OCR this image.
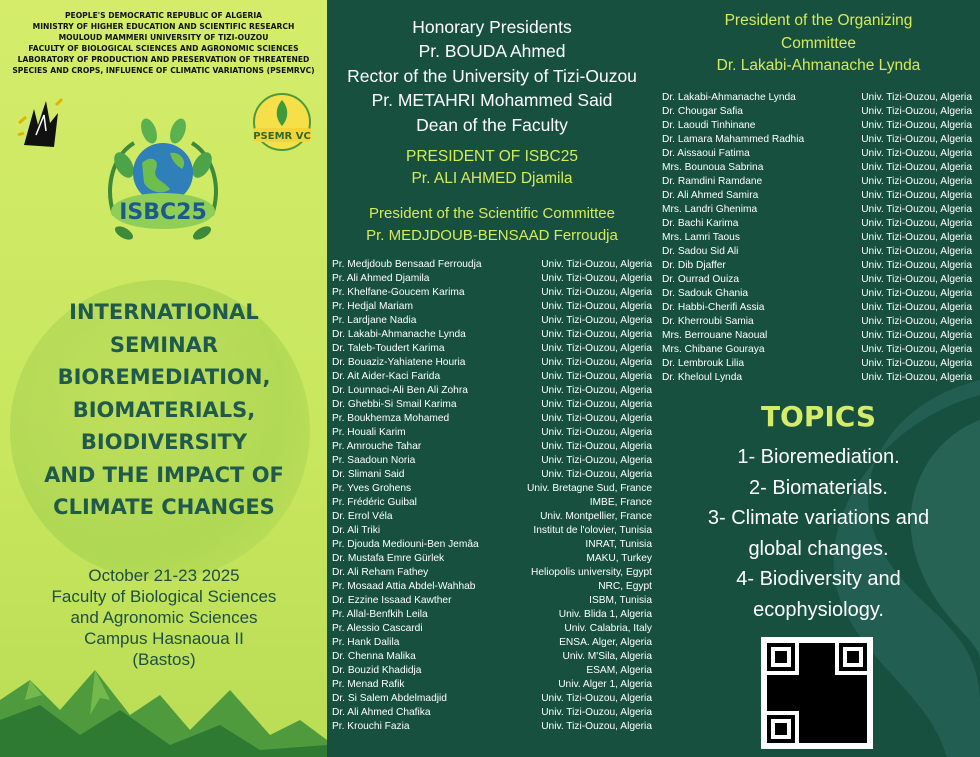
PEOPLE'S DEMOCRATIC REPUBLIC OF ALGERIA
MINISTRY OF HIGHER EDUCATION AND SCIENTIFIC RESEARCH
MOULOUD MAMMERI UNIVERSITY OF TIZI-OUZOU
FACULTY OF BIOLOGICAL SCIENCES AND AGRONOMIC SCIENCES
LABORATORY OF PRODUCTION AND PRESERVATION OF THREATENED
SPECIES AND CROPS, INFLUENCE OF CLIMATIC VARIATIONS (PSEMRVC)
PSEMR VC
ISBC25
INTERNATIONAL
SEMINAR
BIOREMEDIATION,
BIOMATERIALS,
BIODIVERSITY
AND THE IMPACT OF
CLIMATE CHANGES
October 21-23 2025
Faculty of Biological Sciences
and Agronomic Sciences
Campus Hasnaoua II
(Bastos)
Honorary Presidents
Pr. BOUDA Ahmed
Rector of the University of Tizi-Ouzou
Pr. METAHRI Mohammed Said
Dean of the Faculty
PRESIDENT OF ISBC25
Pr. ALI AHMED Djamila
President of the Scientific Committee
Pr. MEDJDOUB-BENSAAD Ferroudja
Pr. Medjdoub Bensaad Ferroudja	Univ. Tizi-Ouzou, Algeria
Pr. Ali Ahmed Djamila	Univ. Tizi-Ouzou, Algeria
Pr. Khelfane-Goucem Karima	Univ. Tizi-Ouzou, Algeria
Pr. Hedjal Mariam	Univ. Tizi-Ouzou, Algeria
Pr. Lardjane Nadia	Univ. Tizi-Ouzou, Algeria
Dr. Lakabi-Ahmanache Lynda	Univ. Tizi-Ouzou, Algeria
Dr. Taleb-Toudert Karima	Univ. Tizi-Ouzou, Algeria
Dr. Bouaziz-Yahiatene Houria	Univ. Tizi-Ouzou, Algeria
Dr. Ait Aider-Kaci Farida	Univ. Tizi-Ouzou, Algeria
Dr. Lounnaci-Ali Ben Ali Zohra	Univ. Tizi-Ouzou, Algeria
Dr. Ghebbi-Si Smail Karima	Univ. Tizi-Ouzou, Algeria
Pr. Boukhemza Mohamed	Univ. Tizi-Ouzou, Algeria
Pr. Houali Karim	Univ. Tizi-Ouzou, Algeria
Pr. Amrouche Tahar	Univ. Tizi-Ouzou, Algeria
Pr. Saadoun Noria	Univ. Tizi-Ouzou, Algeria
Dr. Slimani Said	Univ. Tizi-Ouzou, Algeria
Pr. Yves Grohens	Univ. Bretagne Sud, France
Pr. Frédéric Guibal	IMBE, France
Dr. Errol Véla	Univ. Montpellier, France
Dr. Ali Triki	Institut de l'olovier, Tunisia
Pr. Djouda Mediouni-Ben Jemâa	INRAT, Tunisia
Dr. Mustafa Emre Gürlek	MAKU, Turkey
Dr. Ali Reham Fathey	Heliopolis university, Egypt
Pr. Mosaad Attia Abdel-Wahhab	NRC, Egypt
Dr. Ezzine Issaad Kawther	ISBM, Tunisia
Pr. Allal-Benfkih Leila	Univ. Blida 1, Algeria
Pr. Alessio Cascardi	Univ. Calabria, Italy
Pr. Hank Dalila	ENSA. Alger, Algeria
Dr. Chenna Malika	Univ. M'Sila, Algeria
Dr. Bouzid Khadidja	ESAM, Algeria
Pr. Menad Rafik	Univ. Alger 1, Algeria
Dr. Si Salem Abdelmadjid	Univ. Tizi-Ouzou, Algeria
Dr. Ali Ahmed Chafika	Univ. Tizi-Ouzou, Algeria
Pr. Krouchi Fazia	Univ. Tizi-Ouzou, Algeria
President of the Organizing
Committee
Dr. Lakabi-Ahmanache Lynda
Dr. Lakabi-Ahmanache Lynda	Univ. Tizi-Ouzou, Algeria
Dr. Chougar Safia	Univ. Tizi-Ouzou, Algeria
Dr. Laoudi Tinhinane	Univ. Tizi-Ouzou, Algeria
Dr. Lamara Mahammed Radhia	Univ. Tizi-Ouzou, Algeria
Dr. Aissaoui Fatima	Univ. Tizi-Ouzou, Algeria
Mrs. Bounoua Sabrina	Univ. Tizi-Ouzou, Algeria
Dr. Ramdini Ramdane	Univ. Tizi-Ouzou, Algeria
Dr. Ali Ahmed Samira	Univ. Tizi-Ouzou, Algeria
Mrs. Landri Ghenima	Univ. Tizi-Ouzou, Algeria
Dr. Bachi Karima	Univ. Tizi-Ouzou, Algeria
Mrs. Lamri Taous	Univ. Tizi-Ouzou, Algeria
Dr. Sadou Sid Ali	Univ. Tizi-Ouzou, Algeria
Dr. Dib Djaffer	Univ. Tizi-Ouzou, Algeria
Dr. Ourrad Ouiza	Univ. Tizi-Ouzou, Algeria
Dr. Sadouk Ghania	Univ. Tizi-Ouzou, Algeria
Dr. Habbi-Cherifi Assia	Univ. Tizi-Ouzou, Algeria
Dr. Kherroubi Samia	Univ. Tizi-Ouzou, Algeria
Mrs. Berrouane Naoual	Univ. Tizi-Ouzou, Algeria
Mrs. Chibane Gouraya	Univ. Tizi-Ouzou, Algeria
Dr. Lembrouk Lilia	Univ. Tizi-Ouzou, Algeria
Dr. Kheloul Lynda	Univ. Tizi-Ouzou, Algeria
TOPICS
1- Bioremediation.
2- Biomaterials.
3- Climate variations and
global changes.
4- Biodiversity and
ecophysiology.
